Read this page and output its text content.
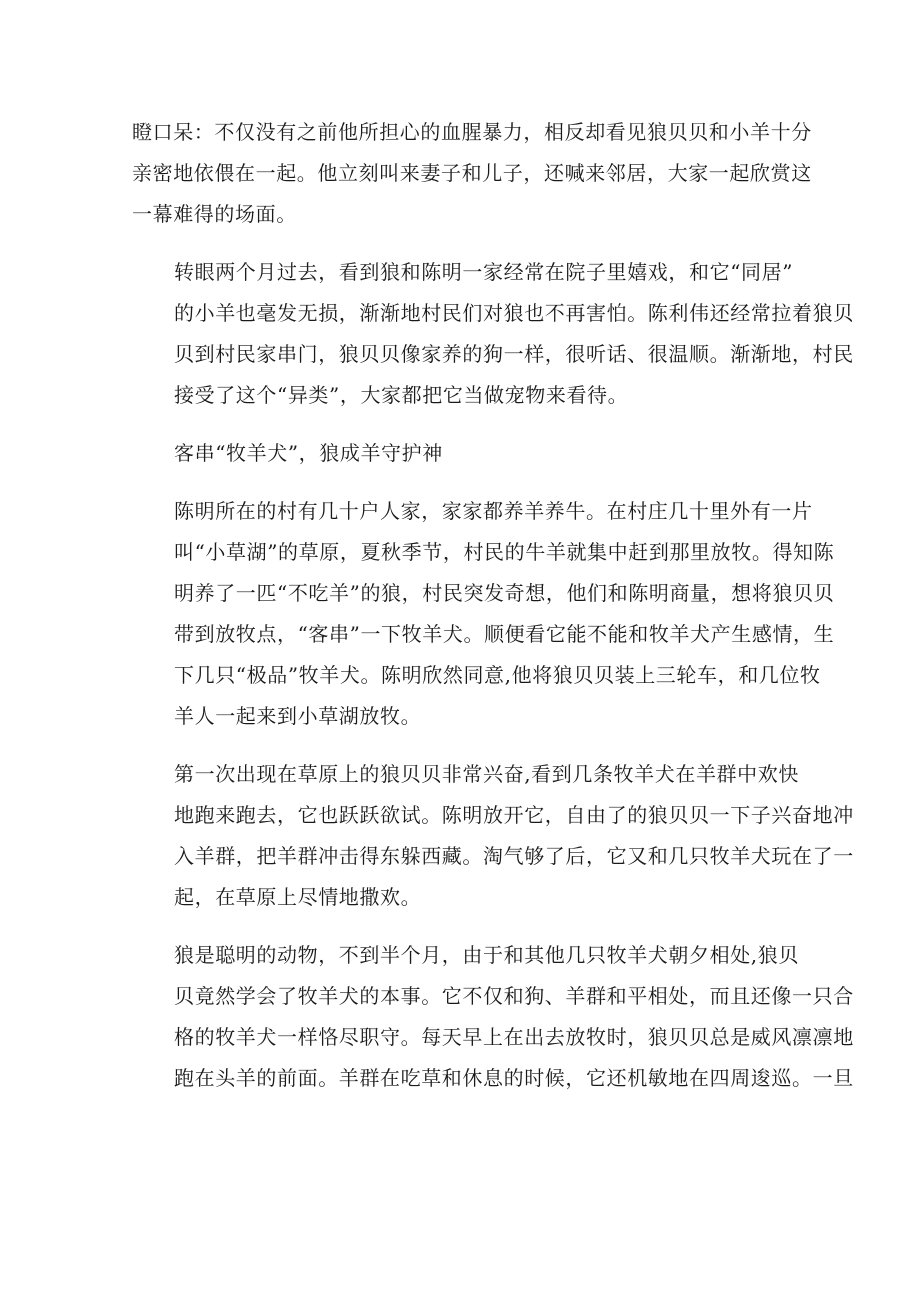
瞪口呆：不仅没有之前他所担心的血腥暴力，相反却看见狼贝贝和小羊十分
亲密地依偎在一起。他立刻叫来妻子和儿子，还喊来邻居，大家一起欣赏这
一幕难得的场面。

转眼两个月过去，看到狼和陈明一家经常在院子里嬉戏，和它“同居”
的小羊也毫发无损，渐渐地村民们对狼也不再害怕。陈利伟还经常拉着狼贝
贝到村民家串门，狼贝贝像家养的狗一样，很听话、很温顺。渐渐地，村民
接受了这个“异类”，大家都把它当做宠物来看待。

客串“牧羊犬”，狼成羊守护神

陈明所在的村有几十户人家，家家都养羊养牛。在村庄几十里外有一片
叫“小草湖”的草原，夏秋季节，村民的牛羊就集中赶到那里放牧。得知陈
明养了一匹“不吃羊”的狼，村民突发奇想，他们和陈明商量，想将狼贝贝
带到放牧点，“客串”一下牧羊犬。顺便看它能不能和牧羊犬产生感情，生
下几只“极品”牧羊犬。陈明欣然同意,他将狼贝贝装上三轮车，和几位牧
羊人一起来到小草湖放牧。

第一次出现在草原上的狼贝贝非常兴奋,看到几条牧羊犬在羊群中欢快
地跑来跑去，它也跃跃欲试。陈明放开它，自由了的狼贝贝一下子兴奋地冲
入羊群，把羊群冲击得东躲西藏。淘气够了后，它又和几只牧羊犬玩在了一
起，在草原上尽情地撒欢。

狼是聪明的动物，不到半个月，由于和其他几只牧羊犬朝夕相处,狼贝
贝竟然学会了牧羊犬的本事。它不仅和狗、羊群和平相处，而且还像一只合
格的牧羊犬一样恪尽职守。每天早上在出去放牧时，狼贝贝总是威风凛凛地
跑在头羊的前面。羊群在吃草和休息的时候，它还机敏地在四周逡巡。一旦
